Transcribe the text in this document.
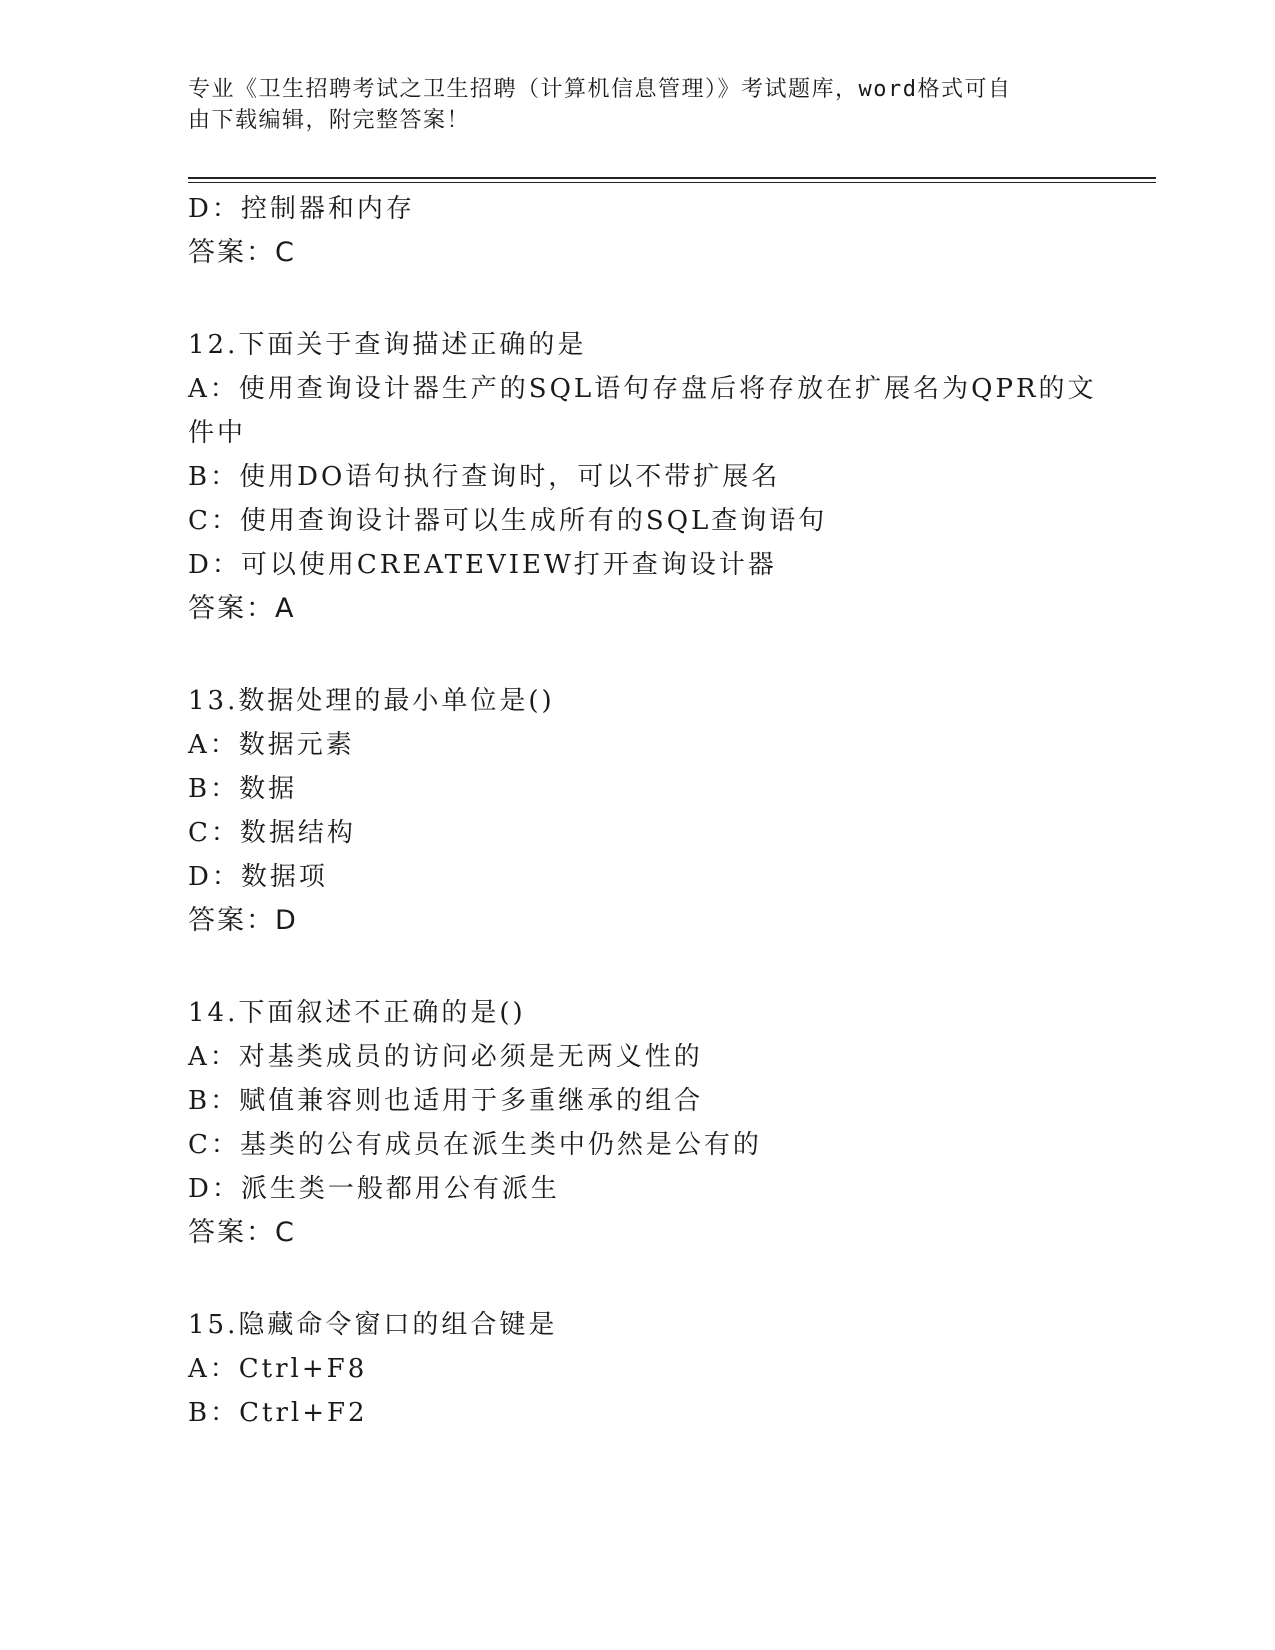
专业《卫生招聘考试之卫生招聘（计算机信息管理）》考试题库，word格式可自
由下载编辑，附完整答案！
D：控制器和内存
答案：C
12.下面关于查询描述正确的是
A：使用查询设计器生产的SQL语句存盘后将存放在扩展名为QPR的文
件中
B：使用DO语句执行查询时，可以不带扩展名
C：使用查询设计器可以生成所有的SQL查询语句
D：可以使用CREATEVIEW打开查询设计器
答案：A
13.数据处理的最小单位是()
A：数据元素
B：数据
C：数据结构
D：数据项
答案：D
14.下面叙述不正确的是()
A：对基类成员的访问必须是无两义性的
B：赋值兼容则也适用于多重继承的组合
C：基类的公有成员在派生类中仍然是公有的
D：派生类一般都用公有派生
答案：C
15.隐藏命令窗口的组合键是
A：Ctrl+F8
B：Ctrl+F2
